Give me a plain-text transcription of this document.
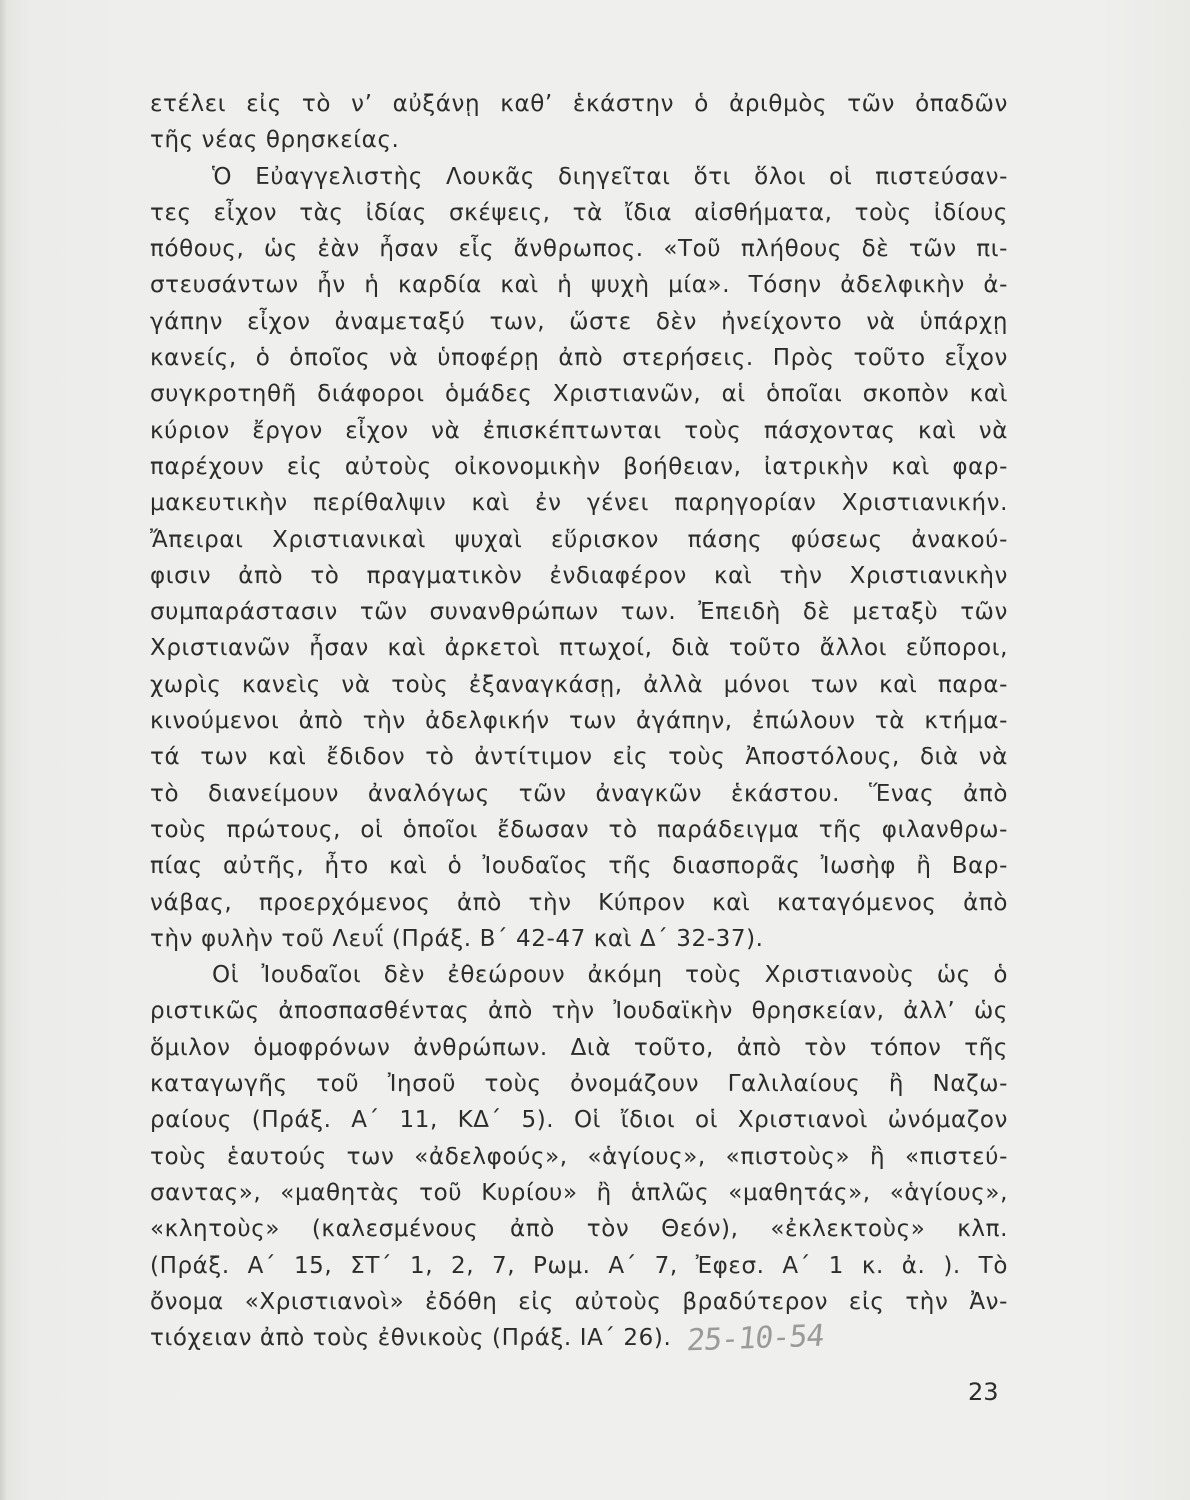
ετέλει εἰς τὸ ν’ αὐξάνῃ καθ’ ἑκάστην ὁ ἀριθμὸς τῶν ὀπαδῶν
τῆς νέας θρησκείας.
Ὁ Εὐαγγελιστὴς Λουκᾶς διηγεῖται ὅτι ὅλοι οἱ πιστεύσαν-
τες εἶχον τὰς ἰδίας σκέψεις, τὰ ἴδια αἰσθήματα, τοὺς ἰδίους
πόθους, ὡς ἐὰν ἦσαν εἷς ἄνθρωπος. «Τοῦ πλήθους δὲ τῶν πι-
στευσάντων ἦν ἡ καρδία καὶ ἡ ψυχὴ μία». Τόσην ἀδελφικὴν ἀ-
γάπην εἶχον ἀναμεταξύ των, ὥστε δὲν ἠνείχοντο νὰ ὑπάρχῃ
κανείς, ὁ ὁποῖος νὰ ὑποφέρῃ ἀπὸ στερήσεις. Πρὸς τοῦτο εἶχον
συγκροτηθῆ διάφοροι ὁμάδες Χριστιανῶν, αἱ ὁποῖαι σκοπὸν καὶ
κύριον ἔργον εἶχον νὰ ἐπισκέπτωνται τοὺς πάσχοντας καὶ νὰ
παρέχουν εἰς αὐτοὺς οἰκονομικὴν βοήθειαν, ἰατρικὴν καὶ φαρ-
μακευτικὴν περίθαλψιν καὶ ἐν γένει παρηγορίαν Χριστιανικήν.
Ἄπειραι Χριστιανικαὶ ψυχαὶ εὕρισκον πάσης φύσεως ἀνακού-
φισιν ἀπὸ τὸ πραγματικὸν ἐνδιαφέρον καὶ τὴν Χριστιανικὴν
συμπαράστασιν τῶν συνανθρώπων των. Ἐπειδὴ δὲ μεταξὺ τῶν
Χριστιανῶν ἦσαν καὶ ἀρκετοὶ πτωχοί, διὰ τοῦτο ἄλλοι εὔποροι,
χωρὶς κανεὶς νὰ τοὺς ἐξαναγκάσῃ, ἀλλὰ μόνοι των καὶ παρα-
κινούμενοι ἀπὸ τὴν ἀδελφικήν των ἀγάπην, ἐπώλουν τὰ κτήμα-
τά των καὶ ἔδιδον τὸ ἀντίτιμον εἰς τοὺς Ἀποστόλους, διὰ νὰ
τὸ διανείμουν ἀναλόγως τῶν ἀναγκῶν ἑκάστου. Ἕνας ἀπὸ
τοὺς πρώτους, οἱ ὁποῖοι ἔδωσαν τὸ παράδειγμα τῆς φιλανθρω-
πίας αὐτῆς, ἦτο καὶ ὁ Ἰουδαῖος τῆς διασπορᾶς Ἰωσὴφ ἢ Βαρ-
νάβας, προερχόμενος ἀπὸ τὴν Κύπρον καὶ καταγόμενος ἀπὸ
τὴν φυλὴν τοῦ Λευΐ (Πράξ. Β΄ 42-47 καὶ Δ΄ 32-37).
Οἱ Ἰουδαῖοι δὲν ἐθεώρουν ἀκόμη τοὺς Χριστιανοὺς ὡς ὁ
ριστικῶς ἀποσπασθέντας ἀπὸ τὴν Ἰουδαϊκὴν θρησκείαν, ἀλλ’ ὡς
ὅμιλον ὁμοφρόνων ἀνθρώπων. Διὰ τοῦτο, ἀπὸ τὸν τόπον τῆς
καταγωγῆς τοῦ Ἰησοῦ τοὺς ὀνομάζουν Γαλιλαίους ἢ Ναζω-
ραίους (Πράξ. Α΄ 11, ΚΔ΄ 5). Οἱ ἴδιοι οἱ Χριστιανοὶ ὠνόμαζον
τοὺς ἑαυτούς των «ἀδελφούς», «ἁγίους», «πιστοὺς» ἢ «πιστεύ-
σαντας», «μαθητὰς τοῦ Κυρίου» ἢ ἁπλῶς «μαθητάς», «ἁγίους»,
«κλητοὺς» (καλεσμένους ἀπὸ τὸν Θεόν), «ἐκλεκτοὺς» κλπ.
(Πράξ. Α΄ 15, ΣΤ΄ 1, 2, 7, Ρωμ. Α΄ 7, Ἐφεσ. Α΄ 1 κ. ἀ. ). Τὸ
ὄνομα «Χριστιανοὶ» ἐδόθη εἰς αὐτοὺς βραδύτερον εἰς τὴν Ἀν-
τιόχειαν ἀπὸ τοὺς ἐθνικοὺς (Πράξ. ΙΑ΄ 26). 25-10-54
23
